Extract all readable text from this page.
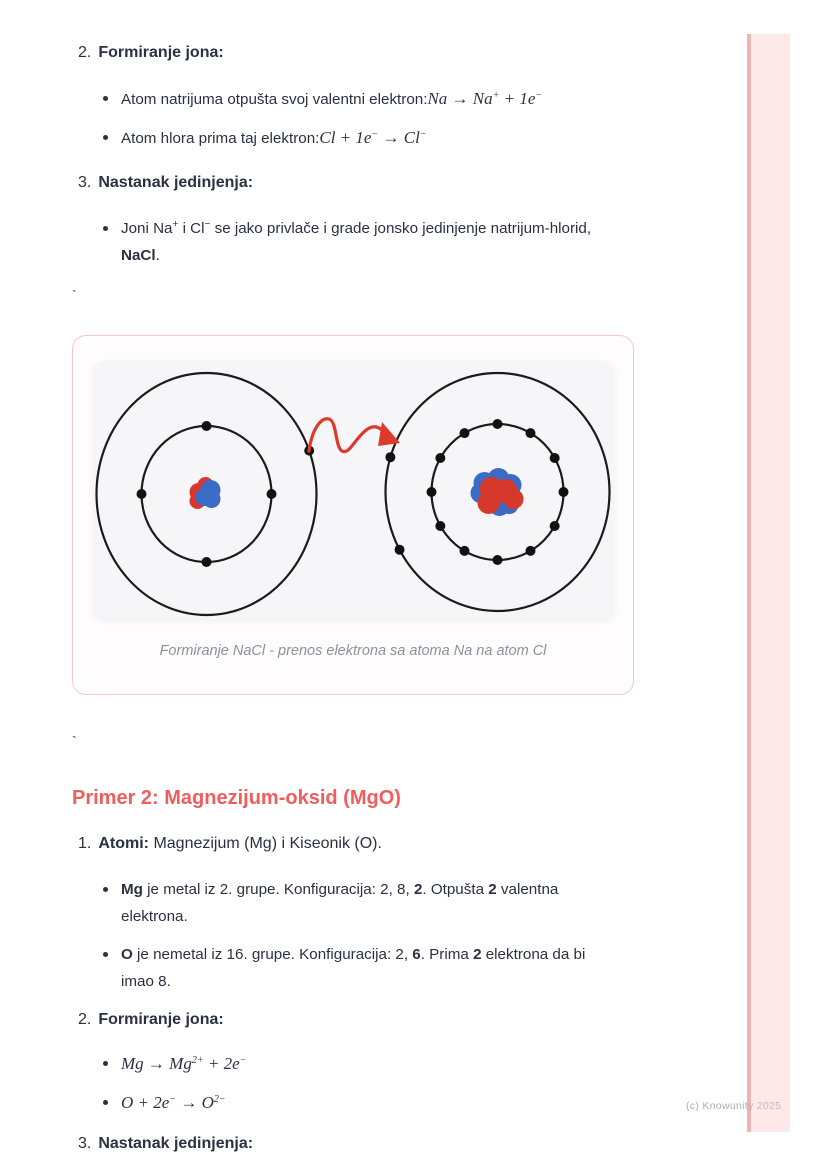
2. Formiranje jona:
Atom natrijuma otpušta svoj valentni elektron:Na → Na+ + 1e−
Atom hlora prima taj elektron:Cl + 1e− → Cl−
3. Nastanak jedinjenja:
Joni Na+ i Cl− se jako privlače i grade jonsko jedinjenje natrijum-hlorid,
NaCl.
`
Formiranje NaCl - prenos elektrona sa atoma Na na atom Cl
`
Primer 2: Magnezijum-oksid (MgO)
1. Atomi: Magnezijum (Mg) i Kiseonik (O).
Mg je metal iz 2. grupe. Konfiguracija: 2, 8, 2. Otpušta 2 valentna
elektrona.
O je nemetal iz 16. grupe. Konfiguracija: 2, 6. Prima 2 elektrona da bi
imao 8.
2. Formiranje jona:
$Mg \to Mg^{2+} + 2e^-$
$O + 2e^- \to O^{2-}$
3. Nastanak jedinjenja:
(c) Knowunity 2025
